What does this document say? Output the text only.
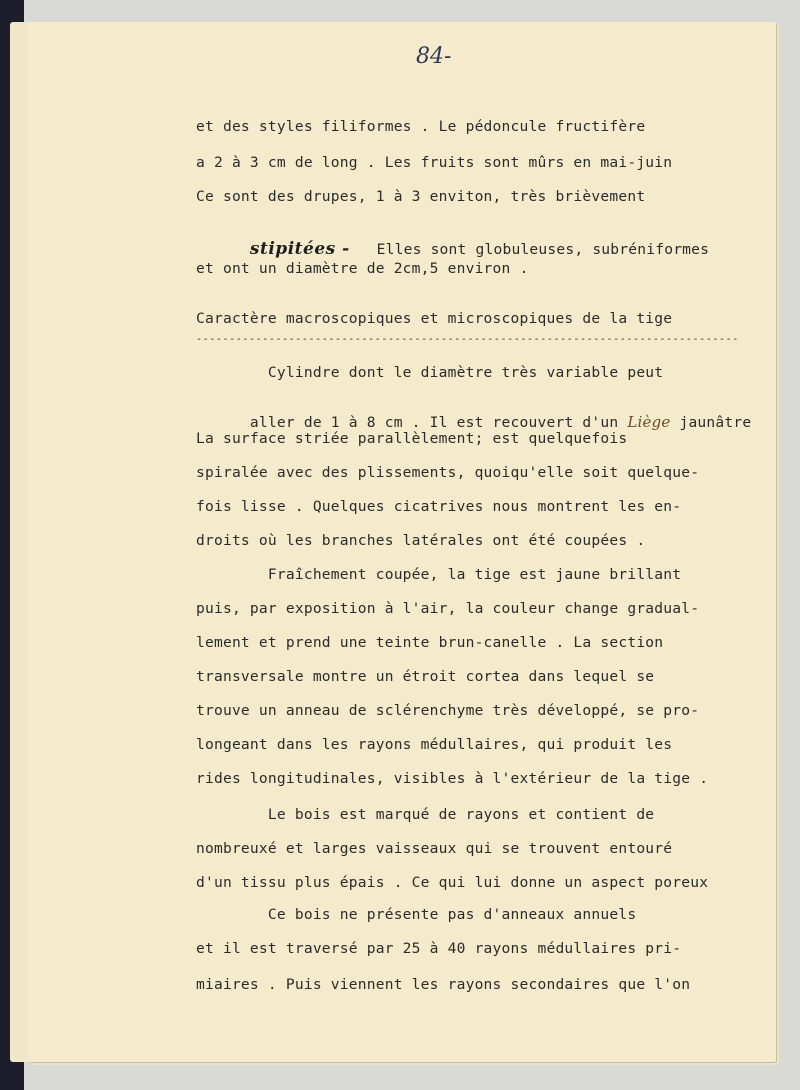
84-
et des styles filiformes . Le pédoncule fructifère
a 2 à 3 cm de long . Les fruits sont mûrs en mai-juin
Ce sont des drupes, 1 à 3 enviton, très brièvement

stipitées -   Elles sont globuleuses, subréniformes

et ont un diamètre de 2cm,5 environ .
Caractère macroscopiques et microscopiques de la tige
----------------------------------------------------------------------------------
Cylindre dont le diamètre très variable peut

aller de 1 à 8 cm . Il est recouvert d'un Liège jaunâtre

La surface striée parallèlement; est quelquefois
spiralée avec des plissements, quoiqu'elle soit quelque-
fois lisse . Quelques cicatrives nous montrent les en-
droits où les branches latérales ont été coupées .
Fraîchement coupée, la tige est jaune brillant
puis, par exposition à l'air, la couleur change gradual-
lement et prend une teinte brun-canelle . La section
transversale montre un étroit cortea dans lequel se
trouve un anneau de sclérenchyme très développé, se pro-
longeant dans les rayons médullaires, qui produit les
rides longitudinales, visibles à l'extérieur de la tige .
Le bois est marqué de rayons et contient de
nombreuxé et larges vaisseaux qui se trouvent entouré
d'un tissu plus épais . Ce qui lui donne un aspect poreux
Ce bois ne présente pas d'anneaux annuels
et il est traversé par 25 à 40 rayons médullaires pri-
miaires . Puis viennent les rayons secondaires que l'on
